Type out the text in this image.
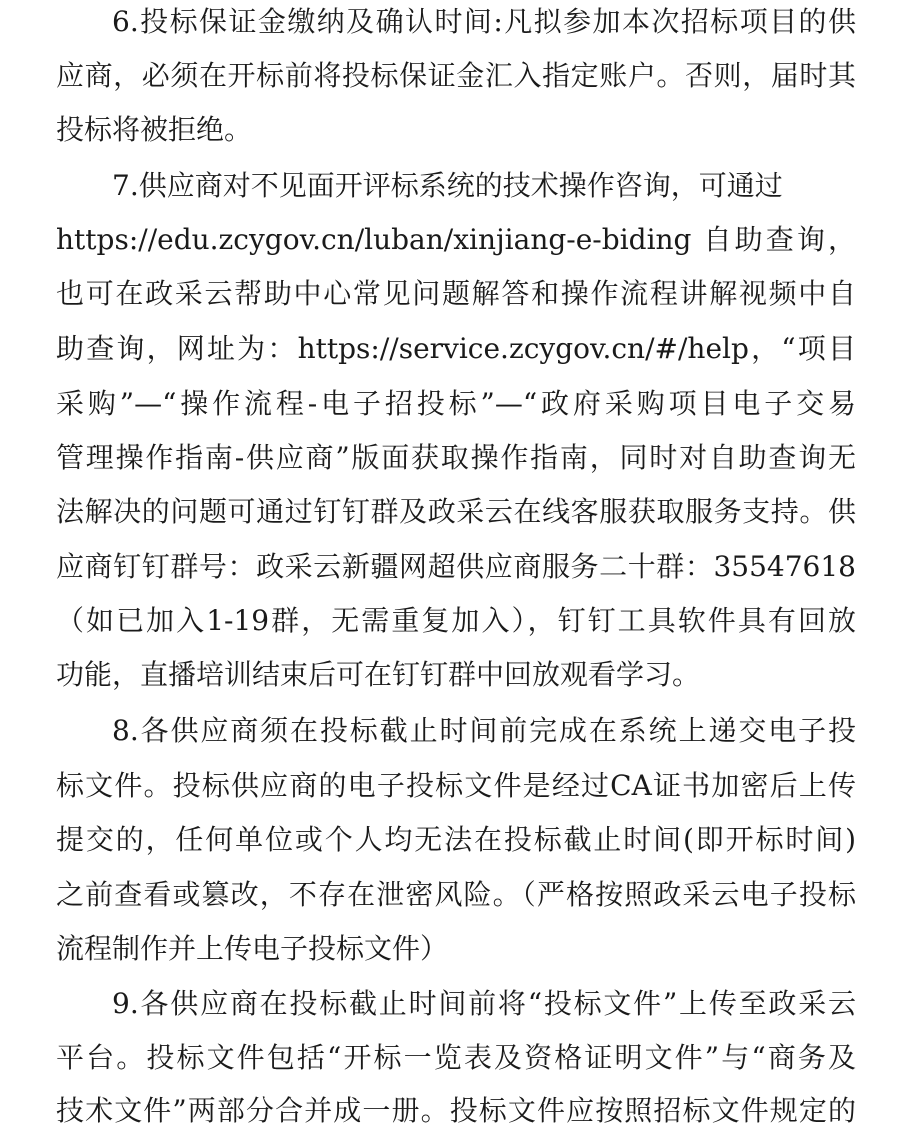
6.投标保证金缴纳及确认时间:凡拟参加本次招标项目的供
应商，必须在开标前将投标保证金汇入指定账户。否则，届时其
投标将被拒绝。
7.供应商对不见面开评标系统的技术操作咨询，可通过
https://edu.zcygov.cn/luban/xinjiang-e-biding 自助查询，
也可在政采云帮助中心常见问题解答和操作流程讲解视频中自
助查询，网址为：https://service.zcygov.cn/#/help，“项目
采购”—“操作流程-电子招投标”—“政府采购项目电子交易
管理操作指南-供应商”版面获取操作指南，同时对自助查询无
法解决的问题可通过钉钉群及政采云在线客服获取服务支持。供
应商钉钉群号：政采云新疆网超供应商服务二十群：35547618
（如已加入1-19群，无需重复加入），钉钉工具软件具有回放
功能，直播培训结束后可在钉钉群中回放观看学习。
8.各供应商须在投标截止时间前完成在系统上递交电子投
标文件。投标供应商的电子投标文件是经过CA证书加密后上传
提交的，任何单位或个人均无法在投标截止时间(即开标时间)
之前查看或篡改，不存在泄密风险。（严格按照政采云电子投标
流程制作并上传电子投标文件）
9.各供应商在投标截止时间前将“投标文件”上传至政采云
平台。投标文件包括“开标一览表及资格证明文件”与“商务及
技术文件”两部分合并成一册。投标文件应按照招标文件规定的
